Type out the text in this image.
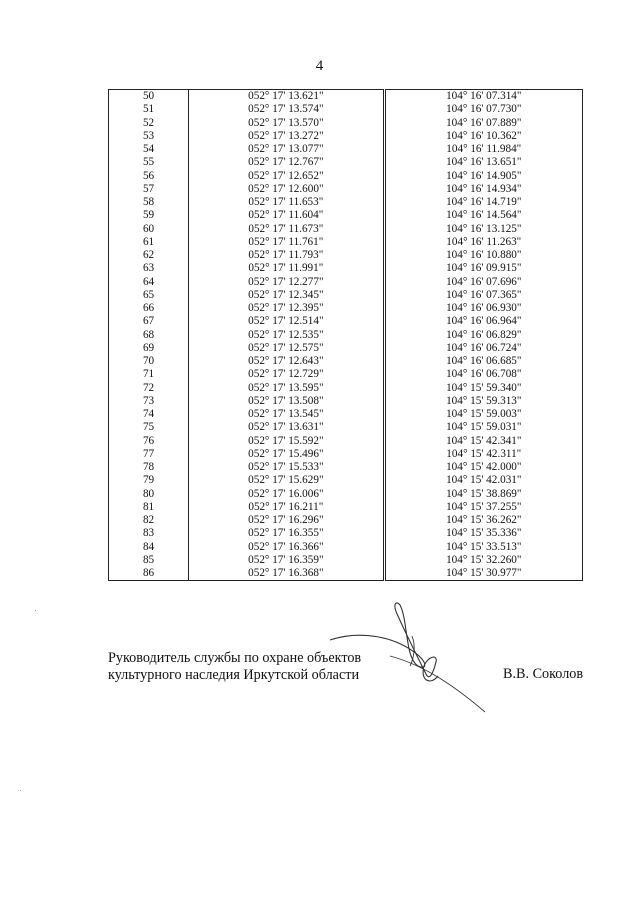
4
50	052° 17' 13.621"	104° 16' 07.314"
51	052° 17' 13.574"	104° 16' 07.730"
52	052° 17' 13.570"	104° 16' 07.889"
53	052° 17' 13.272"	104° 16' 10.362"
54	052° 17' 13.077"	104° 16' 11.984"
55	052° 17' 12.767"	104° 16' 13.651"
56	052° 17' 12.652"	104° 16' 14.905"
57	052° 17' 12.600"	104° 16' 14.934"
58	052° 17' 11.653"	104° 16' 14.719"
59	052° 17' 11.604"	104° 16' 14.564"
60	052° 17' 11.673"	104° 16' 13.125"
61	052° 17' 11.761"	104° 16' 11.263"
62	052° 17' 11.793"	104° 16' 10.880"
63	052° 17' 11.991"	104° 16' 09.915"
64	052° 17' 12.277"	104° 16' 07.696"
65	052° 17' 12.345"	104° 16' 07.365"
66	052° 17' 12.395"	104° 16' 06.930"
67	052° 17' 12.514"	104° 16' 06.964"
68	052° 17' 12.535"	104° 16' 06.829"
69	052° 17' 12.575"	104° 16' 06.724"
70	052° 17' 12.643"	104° 16' 06.685"
71	052° 17' 12.729"	104° 16' 06.708"
72	052° 17' 13.595"	104° 15' 59.340"
73	052° 17' 13.508"	104° 15' 59.313"
74	052° 17' 13.545"	104° 15' 59.003"
75	052° 17' 13.631"	104° 15' 59.031"
76	052° 17' 15.592"	104° 15' 42.341"
77	052° 17' 15.496"	104° 15' 42.311"
78	052° 17' 15.533"	104° 15' 42.000"
79	052° 17' 15.629"	104° 15' 42.031"
80	052° 17' 16.006"	104° 15' 38.869"
81	052° 17' 16.211"	104° 15' 37.255"
82	052° 17' 16.296"	104° 15' 36.262"
83	052° 17' 16.355"	104° 15' 35.336"
84	052° 17' 16.366"	104° 15' 33.513"
85	052° 17' 16.359"	104° 15' 32.260"
86	052° 17' 16.368"	104° 15' 30.977"
Руководитель службы по охране объектов
культурного наследия Иркутской области	В.В. Соколов
